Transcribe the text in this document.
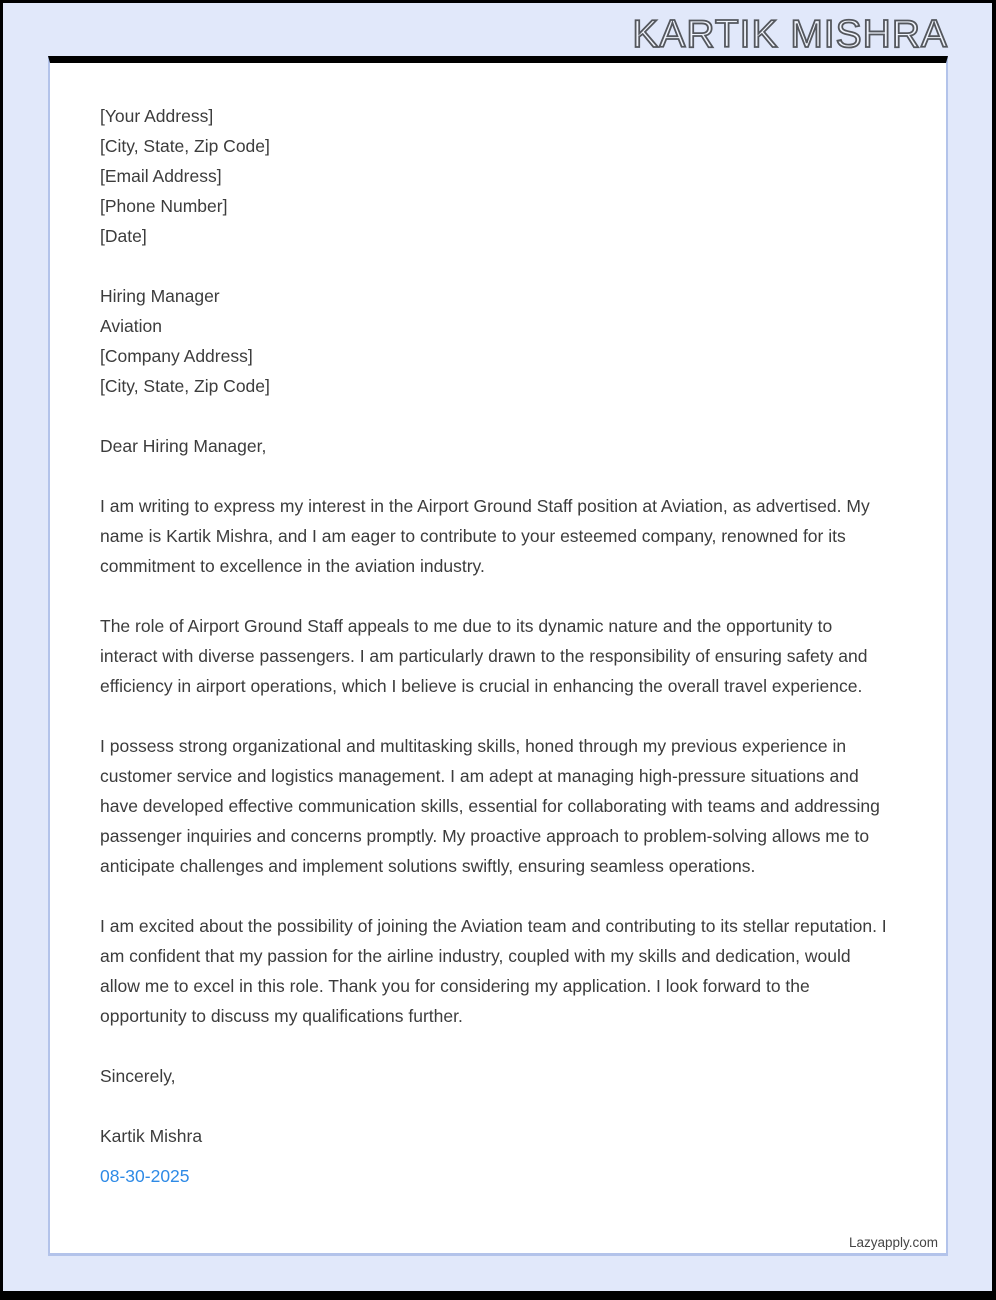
KARTIK MISHRA
[Your Address]
[City, State, Zip Code]
[Email Address]
[Phone Number]
[Date]
Hiring Manager
Aviation
[Company Address]
[City, State, Zip Code]
Dear Hiring Manager,
I am writing to express my interest in the Airport Ground Staff position at Aviation, as advertised. My name is Kartik Mishra, and I am eager to contribute to your esteemed company, renowned for its commitment to excellence in the aviation industry.
The role of Airport Ground Staff appeals to me due to its dynamic nature and the opportunity to interact with diverse passengers. I am particularly drawn to the responsibility of ensuring safety and efficiency in airport operations, which I believe is crucial in enhancing the overall travel experience.
I possess strong organizational and multitasking skills, honed through my previous experience in customer service and logistics management. I am adept at managing high-pressure situations and have developed effective communication skills, essential for collaborating with teams and addressing passenger inquiries and concerns promptly. My proactive approach to problem-solving allows me to anticipate challenges and implement solutions swiftly, ensuring seamless operations.
I am excited about the possibility of joining the Aviation team and contributing to its stellar reputation. I am confident that my passion for the airline industry, coupled with my skills and dedication, would allow me to excel in this role. Thank you for considering my application. I look forward to the opportunity to discuss my qualifications further.
Sincerely,
Kartik Mishra
08-30-2025
Lazyapply.com
